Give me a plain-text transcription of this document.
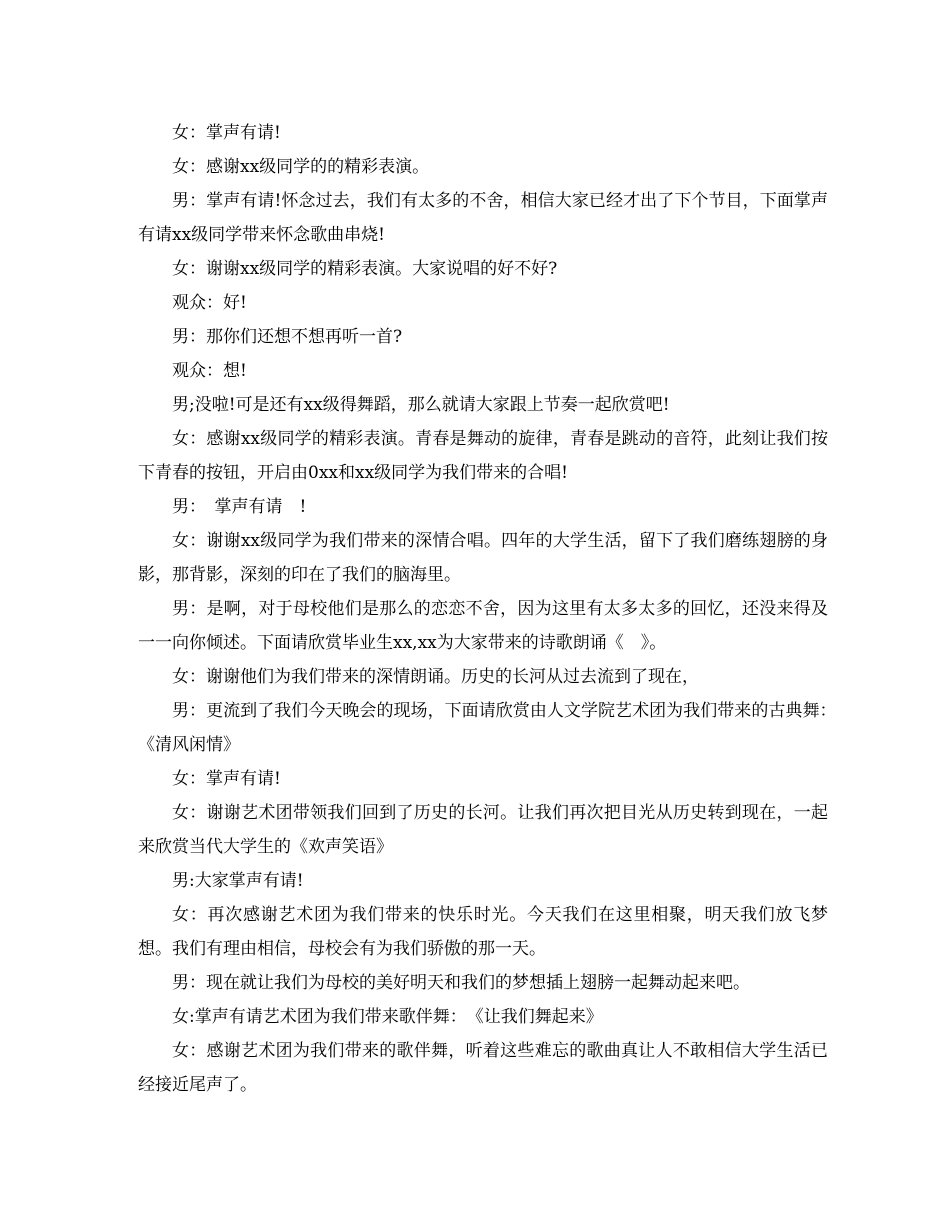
女：掌声有请!

女：感谢xx级同学的的精彩表演。

男：掌声有请!怀念过去，我们有太多的不舍，相信大家已经才出了下个节目，下面掌声有请xx级同学带来怀念歌曲串烧!

女：谢谢xx级同学的精彩表演。大家说唱的好不好?

观众：好!

男：那你们还想不想再听一首?

观众：想!

男;没啦!可是还有xx级得舞蹈，那么就请大家跟上节奏一起欣赏吧!

女：感谢xx级同学的精彩表演。青春是舞动的旋律，青春是跳动的音符，此刻让我们按下青春的按钮，开启由0xx和xx级同学为我们带来的合唱!

男：　掌声有请　!

女：谢谢xx级同学为我们带来的深情合唱。四年的大学生活，留下了我们磨练翅膀的身影，那背影，深刻的印在了我们的脑海里。

男：是啊，对于母校他们是那么的恋恋不舍，因为这里有太多太多的回忆，还没来得及一一向你倾述。下面请欣赏毕业生xx,xx为大家带来的诗歌朗诵《　》。

女：谢谢他们为我们带来的深情朗诵。历史的长河从过去流到了现在，

男：更流到了我们今天晚会的现场，下面请欣赏由人文学院艺术团为我们带来的古典舞：　《清风闲情》

女：掌声有请!

女：谢谢艺术团带领我们回到了历史的长河。让我们再次把目光从历史转到现在，一起来欣赏当代大学生的《欢声笑语》

男:大家掌声有请!

女：再次感谢艺术团为我们带来的快乐时光。今天我们在这里相聚，明天我们放飞梦想。我们有理由相信，母校会有为我们骄傲的那一天。

男：现在就让我们为母校的美好明天和我们的梦想插上翅膀一起舞动起来吧。

女:掌声有请艺术团为我们带来歌伴舞：　《让我们舞起来》

女：感谢艺术团为我们带来的歌伴舞，听着这些难忘的歌曲真让人不敢相信大学生活已经接近尾声了。
